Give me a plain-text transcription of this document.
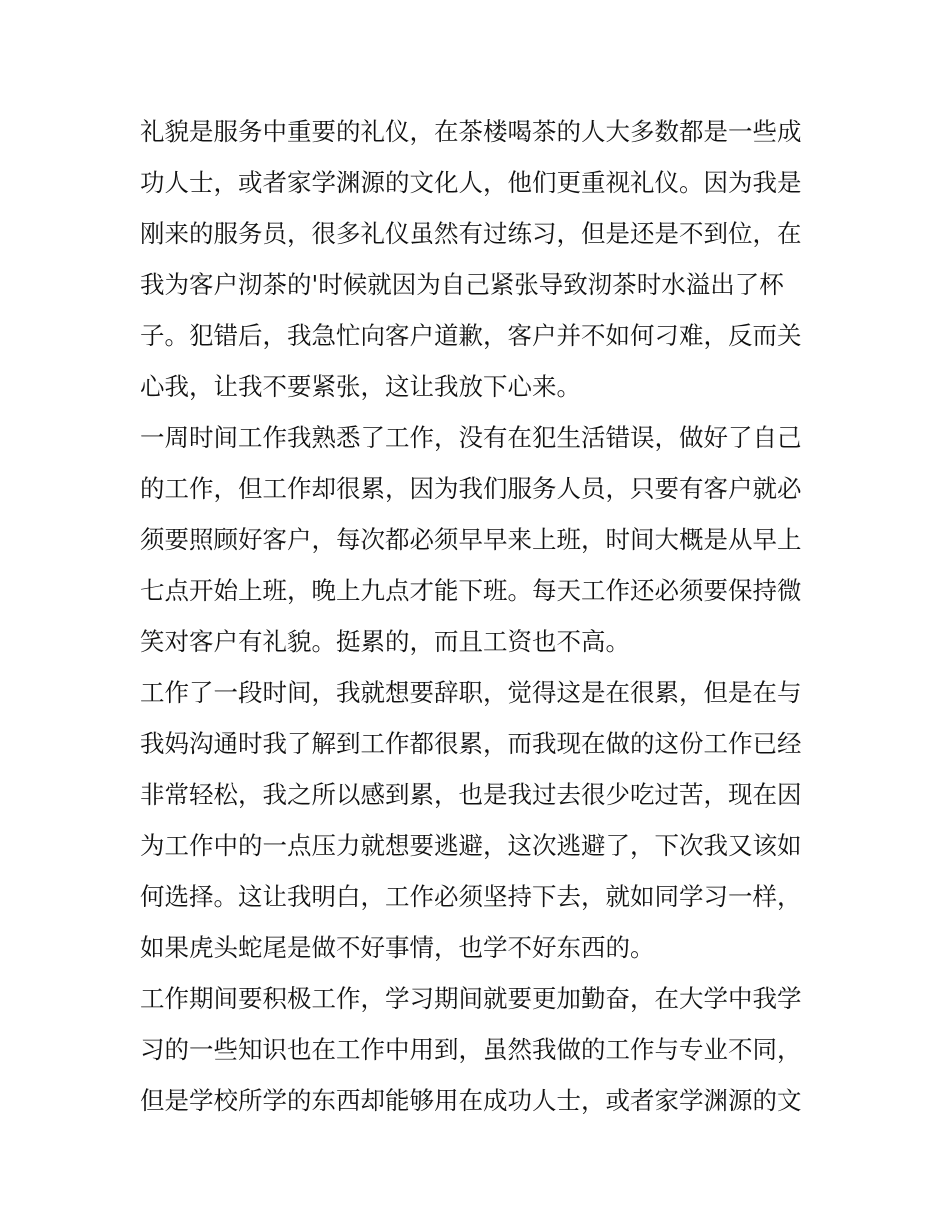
礼貌是服务中重要的礼仪，在茶楼喝茶的人大多数都是一些成
功人士，或者家学渊源的文化人，他们更重视礼仪。因为我是
刚来的服务员，很多礼仪虽然有过练习，但是还是不到位，在
我为客户沏茶的'时候就因为自己紧张导致沏茶时水溢出了杯
子。犯错后，我急忙向客户道歉，客户并不如何刁难，反而关
心我，让我不要紧张，这让我放下心来。
一周时间工作我熟悉了工作，没有在犯生活错误，做好了自己
的工作，但工作却很累，因为我们服务人员，只要有客户就必
须要照顾好客户，每次都必须早早来上班，时间大概是从早上
七点开始上班，晚上九点才能下班。每天工作还必须要保持微
笑对客户有礼貌。挺累的，而且工资也不高。
工作了一段时间，我就想要辞职，觉得这是在很累，但是在与
我妈沟通时我了解到工作都很累，而我现在做的这份工作已经
非常轻松，我之所以感到累，也是我过去很少吃过苦，现在因
为工作中的一点压力就想要逃避，这次逃避了，下次我又该如
何选择。这让我明白，工作必须坚持下去，就如同学习一样，
如果虎头蛇尾是做不好事情，也学不好东西的。
工作期间要积极工作，学习期间就要更加勤奋，在大学中我学
习的一些知识也在工作中用到，虽然我做的工作与专业不同，
但是学校所学的东西却能够用在成功人士，或者家学渊源的文
